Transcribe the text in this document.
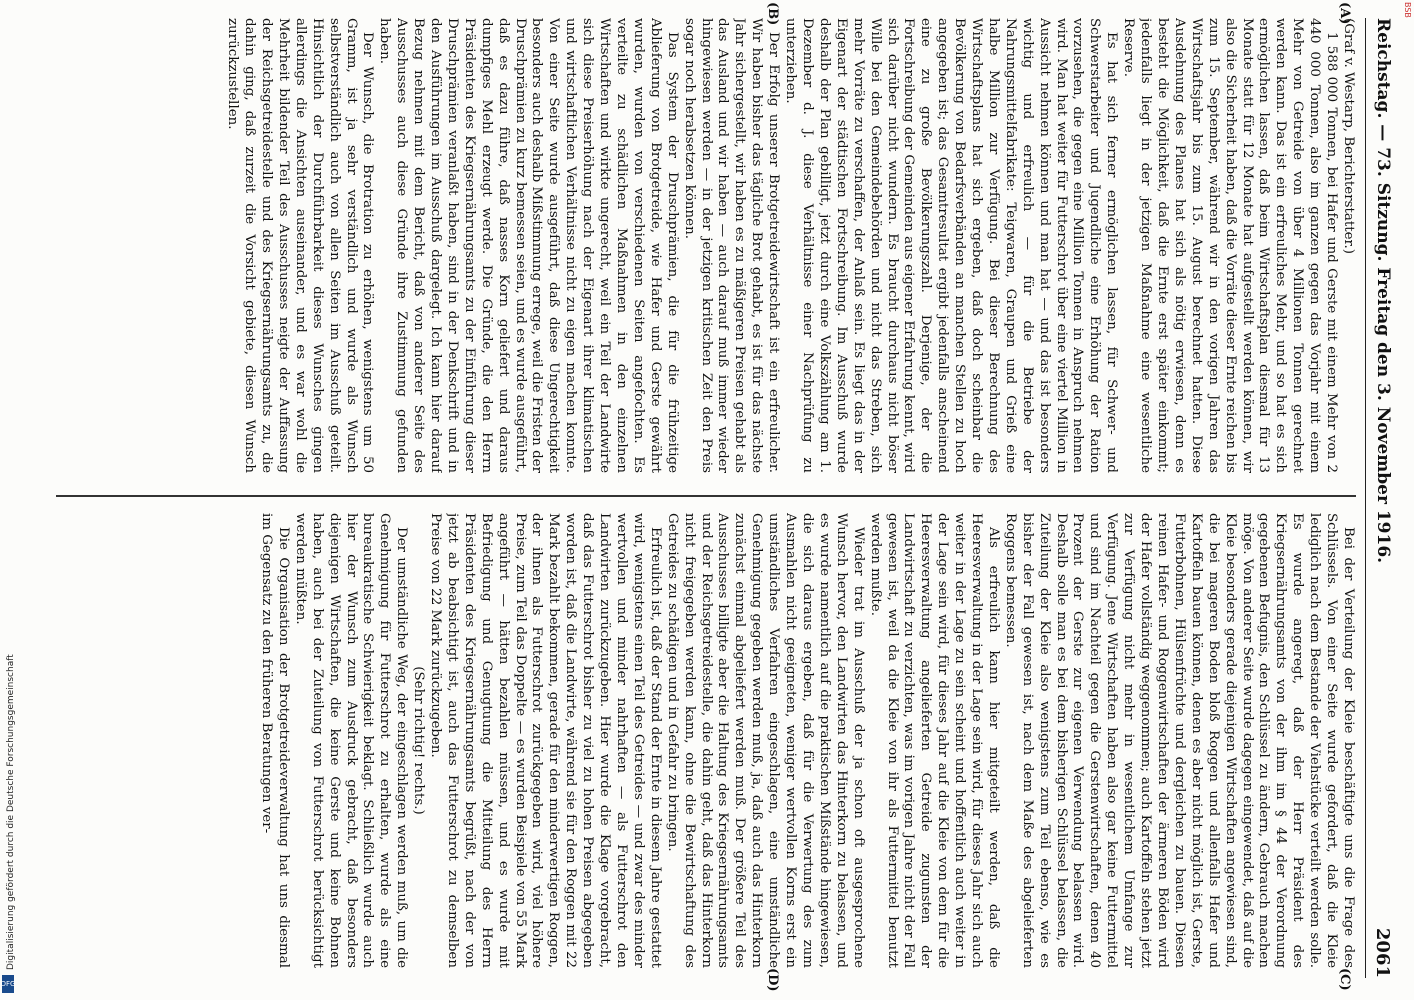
Reichstag. — 73. Sitzung. Freitag den 3. November 1916.
2061
(A)
(B)
(C)
(D)

(Graf v. Westarp, Berichterstatter.)

1 588 000 Tonnen, bei Hafer und Gerste mit einem Mehr von 2 440 000 Tonnen, also im ganzen gegen das Vorjahr mit einem Mehr von Getreide von über 4 Millionen Tonnen gerechnet werden kann. Das ist ein erfreuliches Mehr, und so hat es sich ermöglichen lassen, daß beim Wirtschaftsplan diesmal für 13 Monate statt für 12 Monate hat aufgestellt werden können, wir also die Sicherheit haben, daß die Vorräte dieser Ernte reichen bis zum 15. September, während wir in den vorigen Jahren das Wirtschaftsjahr bis zum 15. August berechnet hatten. Diese Ausdehnung des Planes hat sich als nötig erwiesen, denn es besteht die Möglichkeit, daß die Ernte erst später einkommt; jedenfalls liegt in der jetzigen Maßnahme eine wesentliche Reserve.

Es hat sich ferner ermöglichen lassen, für Schwer- und Schwerstarbeiter und Jugendliche eine Erhöhung der Ration vorzusehen, die gegen eine Million Tonnen in Anspruch nehmen wird. Man hat weiter für Futterschrot über eine viertel Million in Aussicht nehmen können und man hat — und das ist besonders wichtig und erfreulich — für die Betriebe der Nahrungsmittelfabrikate: Teigwaren, Graupen und Grieß eine halbe Million zur Verfügung. Bei dieser Berechnung des Wirtschaftsplans hat sich ergeben, daß doch scheinbar die Bevölkerung von Bedarfsverbänden an manchen Stellen zu hoch angegeben ist; das Gesamtresultat ergibt jedenfalls anscheinend eine zu große Bevölkerungszahl. Derjenige, der die Fortschreibung der Gemeinden aus eigener Erfahrung kennt, wird sich darüber nicht wundern. Es braucht durchaus nicht böser Wille bei den Gemeindebehörden und nicht das Streben, sich mehr Vorräte zu verschaffen, der Anlaß sein. Es liegt das in der Eigenart der städtischen Fortschreibung. Im Ausschuß wurde deshalb der Plan gebilligt, jetzt durch eine Volkszählung am 1. Dezember d. J. diese Verhältnisse einer Nachprüfung zu unterziehen.

Der Erfolg unserer Brotgetreidewirtschaft ist ein erfreulicher. Wir haben bisher das tägliche Brot gehabt, es ist für das nächste Jahr sichergestellt, wir haben es zu mäßigeren Preisen gehabt als das Ausland und wir haben — auch darauf muß immer wieder hingewiesen werden — in der jetzigen kritischen Zeit den Preis sogar noch herabsetzen können.

Das System der Druschprämien, die für die frühzeitige Ablieferung von Brotgetreide, wie Hafer und Gerste gewährt wurden, wurden von verschiedenen Seiten angefochten. Es verteilte zu schädlichen Maßnahmen in den einzelnen Wirtschaften und wirkte ungerecht, weil ein Teil der Landwirte sich diese Preiserhöhung nach der Eigenart ihrer klimatischen und wirtschaftlichen Verhältnisse nicht zu eigen machen konnte. Von einer Seite wurde ausgeführt, daß diese Ungerechtigkeit besonders auch deshalb Mißstimmung errege, weil die Fristen der Druschprämien zu kurz bemessen seien, und es wurde ausgeführt, daß es dazu führe, daß nasses Korn geliefert und daraus dumpfiges Mehl erzeugt werde. Die Gründe, die den Herrn Präsidenten des Kriegsernährungsamts zu der Einführung dieser Druschprämien veranlaßt haben, sind in der Denkschrift und in den Ausführungen im Ausschuß dargelegt. Ich kann hier darauf Bezug nehmen mit dem Bericht, daß von anderer Seite des Ausschusses auch diese Gründe ihre Zustimmung gefunden haben.

Der Wunsch, die Brotration zu erhöhen, wenigstens um 50 Gramm, ist ja sehr verständlich und wurde als Wunsch selbstverständlich auch von allen Seiten im Ausschuß geteilt. Hinsichtlich der Durchführbarkeit dieses Wunsches gingen allerdings die Ansichten auseinander, und es war wohl die Mehrheit bildender Teil des Ausschusses neigte der Auffassung der Reichsgetreidestelle und des Kriegsernährungsamts zu, die dahin ging, daß zurzeit die Vorsicht gebiete, diesen Wunsch zurückzustellen.

Bei der Verteilung der Kleie beschäftigte uns die Frage des Schlüssels. Von einer Seite wurde gefordert, daß die Kleie lediglich nach dem Bestande der Viehstücke verteilt werden solle. Es wurde angeregt, daß der Herr Präsident des Kriegsernährungsamts von der ihm im § 44 der Verordnung gegebenen Befugnis, den Schlüssel zu ändern, Gebrauch machen möge. Von anderer Seite wurde dagegen eingewendet, daß auf die Kleie besonders gerade diejenigen Wirtschaften angewiesen sind, die bei mageren Boden bloß Roggen und allenfalls Hafer und Kartoffeln bauen können, denen es aber nicht möglich ist, Gerste, Futterbohnen, Hülsenfrüchte und dergleichen zu bauen. Diesen reinen Hafer- und Roggenwirtschaften der ärmeren Böden wird der Hafer vollständig weggenommen; auch Kartoffeln stehen jetzt zur Verfügung nicht mehr in wesentlichem Umfange zur Verfügung. Jene Wirtschaften haben also gar keine Futtermittel und sind im Nachteil gegen die Gerstenwirtschaften, denen 40 Prozent der Gerste zur eigenen Verwendung belassen wird. Deshalb solle man es bei dem bisherigen Schlüssel belassen, die Zuteilung der Kleie also wenigstens zum Teil ebenso, wie es bisher der Fall gewesen ist, nach dem Maße des abgelieferten Roggens bemessen.

Als erfreulich kann hier mitgeteilt werden, daß die Heeresverwaltung in der Lage sein wird, für dieses Jahr sich auch weiter in der Lage zu sein scheint und hoffentlich auch weiter in der Lage sein wird, für dieses Jahr auf die Kleie von dem für die Heeresverwaltung angelieferten Getreide zugunsten der Landwirtschaft zu verzichten, was im vorigen Jahre nicht der Fall gewesen ist, weil da die Kleie von ihr als Futtermittel benutzt werden mußte.

Wieder trat im Ausschuß der ja schon oft ausgesprochene Wunsch hervor, den Landwirten das Hinterkorn zu belassen, und es wurde namentlich auf die praktischen Mißstände hingewiesen, die sich daraus ergeben, daß für die Verwertung des zum Ausmahlen nicht geeigneten, weniger wertvollen Korns erst ein umständliches Verfahren eingeschlagen, eine umständliche Genehmigung gegeben werden muß, ja, daß auch das Hinterkorn zunächst einmal abgeliefert werden muß. Der größere Teil des Ausschusses billigte aber die Haltung des Kriegsernährungsamts und der Reichsgetreidestelle, die dahin geht, daß das Hinterkorn nicht freigegeben werden kann, ohne die Bewirtschaftung des Getreides zu schädigen und in Gefahr zu bringen.

Erfreulich ist, daß der Stand der Ernte in diesem Jahre gestattet wird, wenigstens einen Teil des Getreides — und zwar des minder wertvollen und minder nahrhaften — als Futterschrot den Landwirten zurückzugeben. Hier wurde die Klage vorgebracht, daß das Futterschrot bisher zu viel zu hohen Preisen abgegeben worden ist, daß die Landwirte, während sie für den Roggen mit 22 Mark bezahlt bekommen, gerade für den minderwertigen Roggen, der ihnen als Futterschrot zurückgegeben wird, viel höhere Preise, zum Teil das Doppelte — es wurden Beispiele von 55 Mark angeführt — hätten bezahlen müssen, und es wurde mit Befriedigung und Genugtuung die Mitteilung des Herrn Präsidenten des Kriegsernährungsamts begrüßt, nach der von jetzt ab beabsichtigt ist, auch das Futterschrot zu demselben Preise von 22 Mark zurückzugeben.

(Sehr richtig! rechts.)

Der umständliche Weg, der eingeschlagen werden muß, um die Genehmigung für Futterschrot zu erhalten, wurde als eine bureaukratische Schwierigkeit beklagt. Schließlich wurde auch hier der Wunsch zum Ausdruck gebracht, daß besonders diejenigen Wirtschaften, die keine Gerste und keine Bohnen haben, auch bei der Zuteilung von Futterschrot berücksichtigt werden müßten.

Die Organisation der Brotgetreideverwaltung hat uns diesmal im Gegensatz zu den früheren Beratungen ver-

Digitalisierung gefördert durch die Deutsche Forschungsgemeinschaft
DFG
BSB
